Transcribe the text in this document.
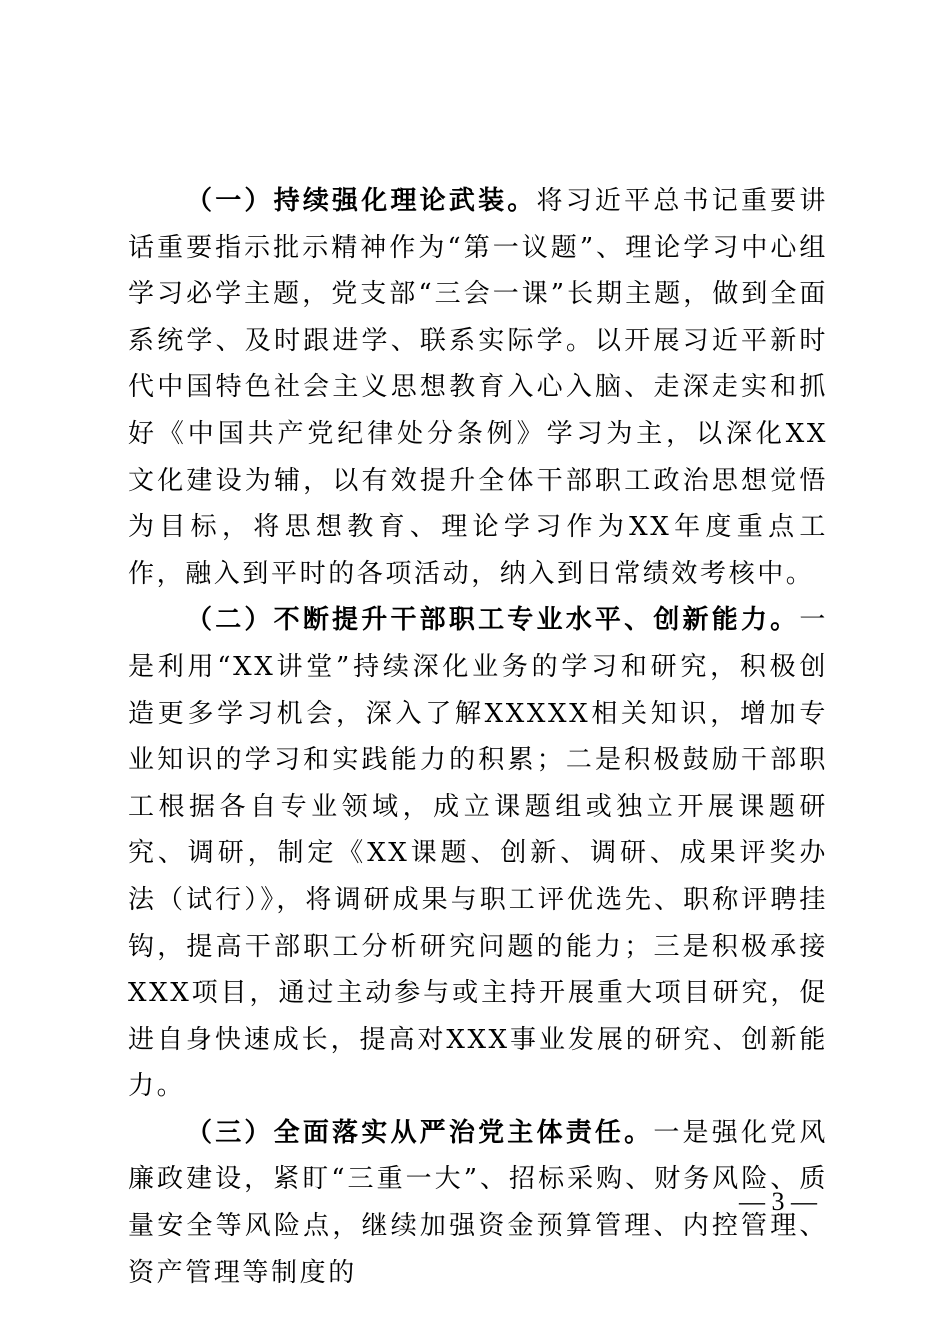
（一）持续强化理论武装。将习近平总书记重要讲话重要指示批示精神作为“第一议题”、理论学习中心组学习必学主题，党支部“三会一课”长期主题，做到全面系统学、及时跟进学、联系实际学。以开展习近平新时代中国特色社会主义思想教育入心入脑、走深走实和抓好《中国共产党纪律处分条例》学习为主，以深化XX文化建设为辅，以有效提升全体干部职工政治思想觉悟为目标，将思想教育、理论学习作为XX年度重点工作，融入到平时的各项活动，纳入到日常绩效考核中。

（二）不断提升干部职工专业水平、创新能力。一是利用“XX讲堂”持续深化业务的学习和研究，积极创造更多学习机会，深入了解XXXXX相关知识，增加专业知识的学习和实践能力的积累；二是积极鼓励干部职工根据各自专业领域，成立课题组或独立开展课题研究、调研，制定《XX课题、创新、调研、成果评奖办法（试行）》，将调研成果与职工评优选先、职称评聘挂钩，提高干部职工分析研究问题的能力；三是积极承接XXX项目，通过主动参与或主持开展重大项目研究，促进自身快速成长，提高对XXX事业发展的研究、创新能力。

（三）全面落实从严治党主体责任。一是强化党风廉政建设，紧盯“三重一大”、招标采购、财务风险、质量安全等风险点，继续加强资金预算管理、内控管理、资产管理等制度的

— 3 —
